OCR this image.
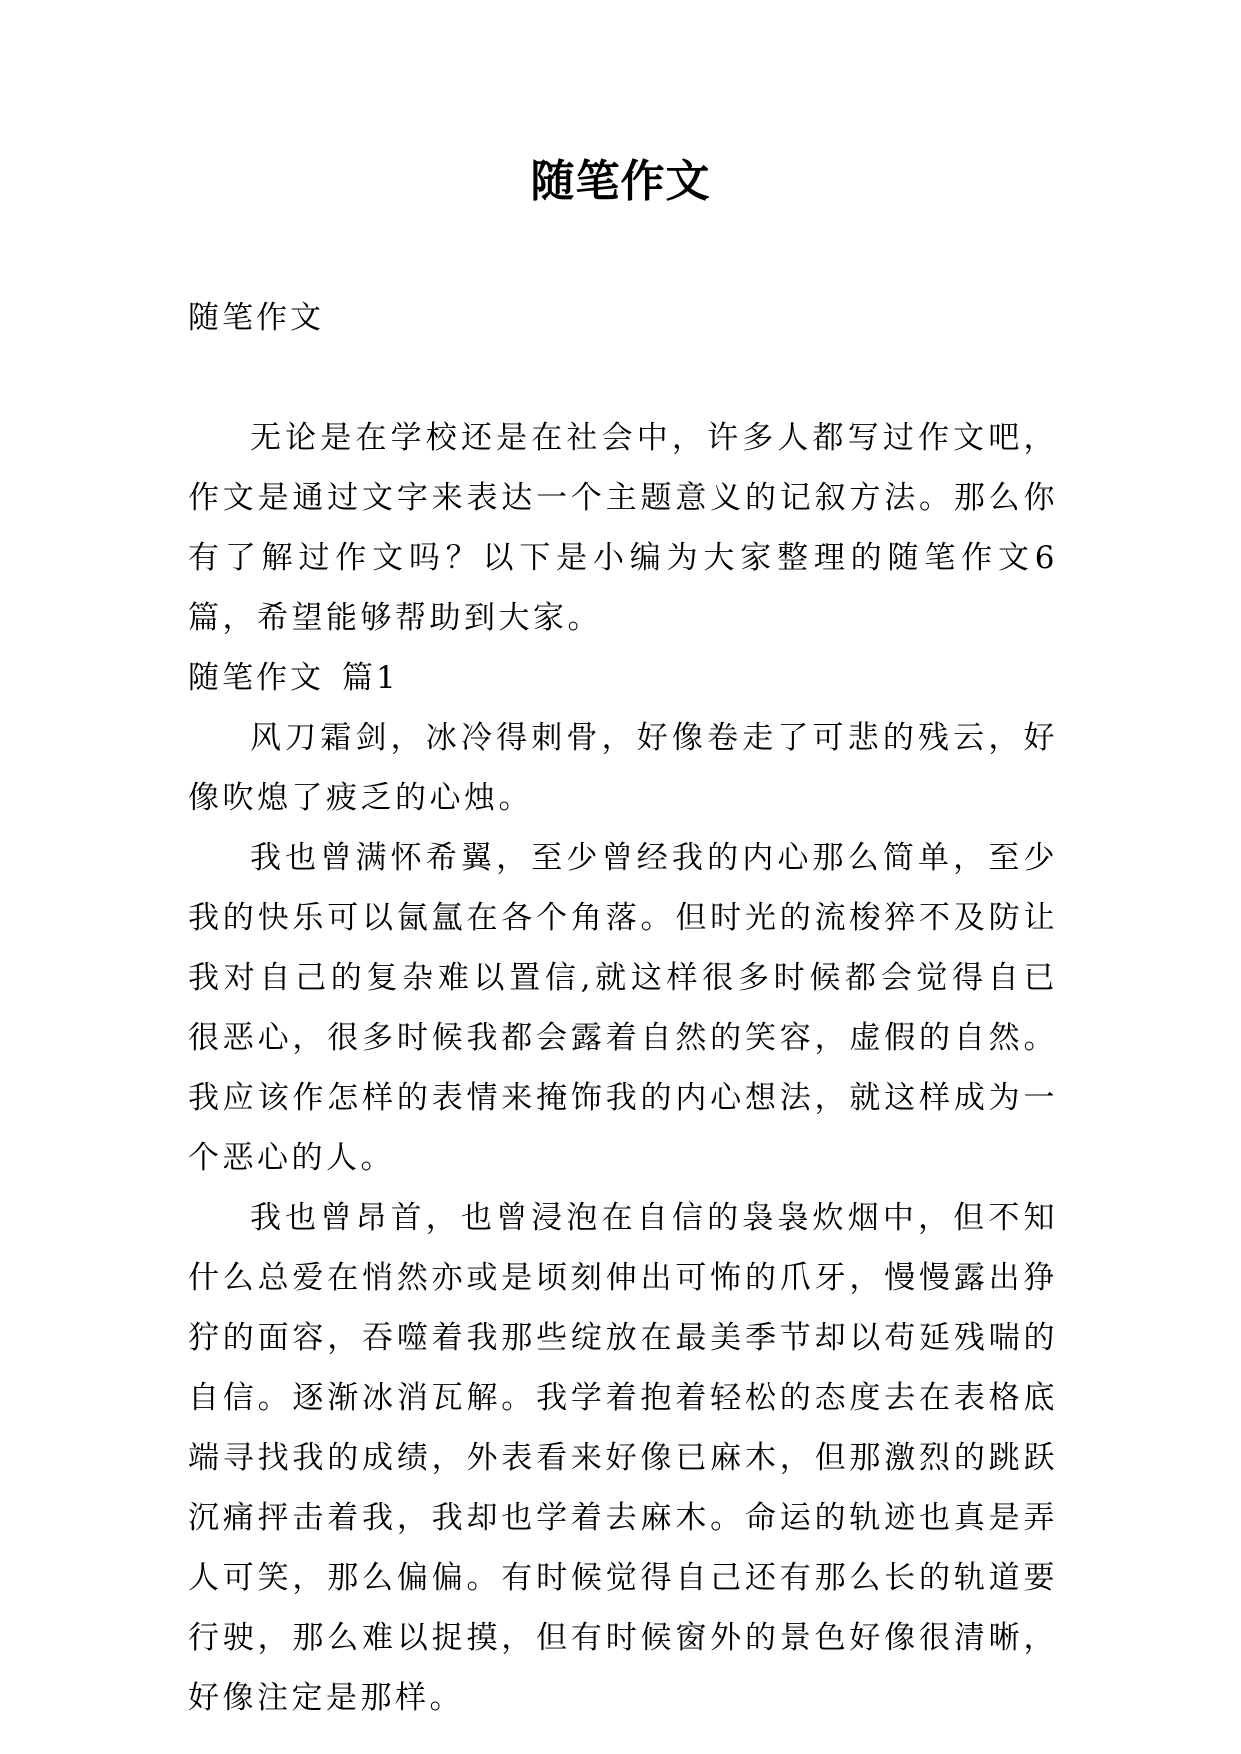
随笔作文

随笔作文

无论是在学校还是在社会中，许多人都写过作文吧，作文是通过文字来表达一个主题意义的记叙方法。那么你有了解过作文吗？以下是小编为大家整理的随笔作文6篇，希望能够帮助到大家。

随笔作文 篇1

风刀霜剑，冰冷得刺骨，好像卷走了可悲的残云，好像吹熄了疲乏的心烛。

我也曾满怀希翼，至少曾经我的内心那么简单，至少我的快乐可以氤氲在各个角落。但时光的流梭猝不及防让我对自己的复杂难以置信,就这样很多时候都会觉得自已很恶心，很多时候我都会露着自然的笑容，虚假的自然。我应该作怎样的表情来掩饰我的内心想法，就这样成为一个恶心的人。

我也曾昂首，也曾浸泡在自信的袅袅炊烟中，但不知什么总爱在悄然亦或是顷刻伸出可怖的爪牙，慢慢露出狰狞的面容，吞噬着我那些绽放在最美季节却以苟延残喘的自信。逐渐冰消瓦解。我学着抱着轻松的态度去在表格底端寻找我的成绩，外表看来好像已麻木，但那激烈的跳跃沉痛抨击着我，我却也学着去麻木。命运的轨迹也真是弄人可笑，那么偏偏。有时候觉得自己还有那么长的轨道要行驶，那么难以捉摸，但有时候窗外的景色好像很清晰，好像注定是那样。
